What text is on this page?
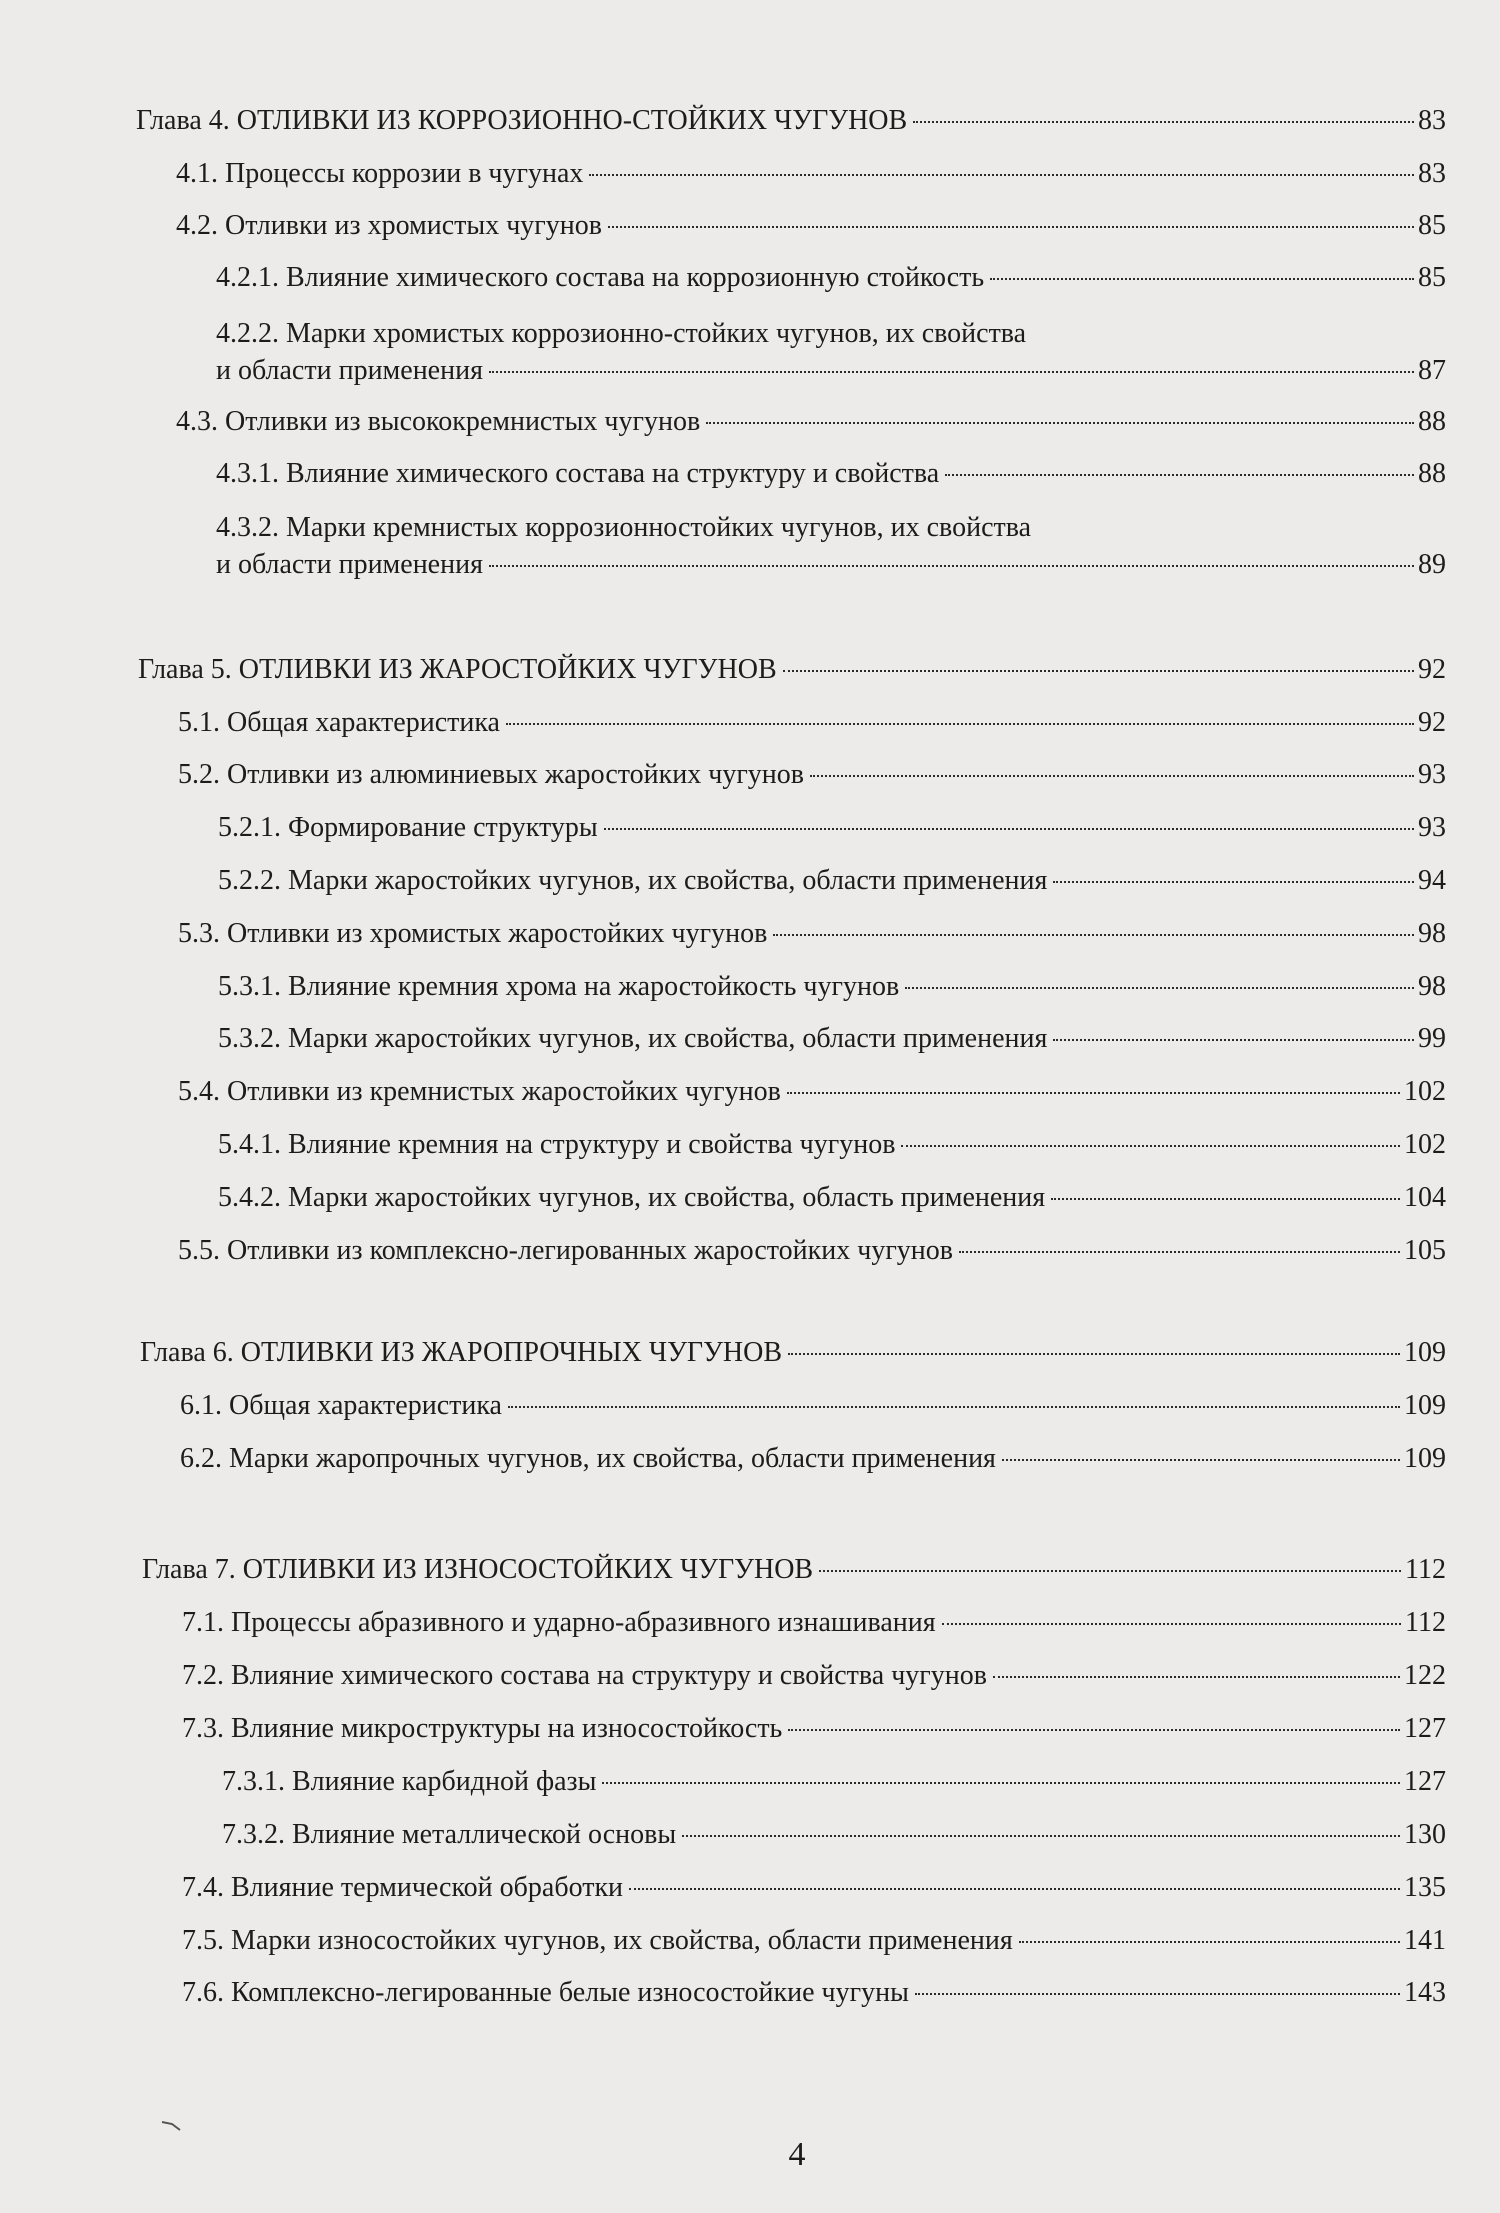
Глава 4. ОТЛИВКИ ИЗ КОРРОЗИОННО-СТОЙКИХ ЧУГУНОВ	83
4.1. Процессы коррозии в чугунах	83
4.2. Отливки из хромистых чугунов	85
4.2.1. Влияние химического состава на коррозионную стойкость	85
4.2.2. Марки хромистых коррозионно-стойких чугунов, их свойства
и области применения	87
4.3. Отливки из высококремнистых чугунов	88
4.3.1. Влияние химического состава на структуру и свойства	88
4.3.2. Марки кремнистых коррозионностойких чугунов, их свойства
и области применения	89
Глава 5. ОТЛИВКИ ИЗ ЖАРОСТОЙКИХ ЧУГУНОВ	92
5.1. Общая характеристика	92
5.2. Отливки из алюминиевых жаростойких чугунов	93
5.2.1. Формирование структуры	93
5.2.2. Марки жаростойких чугунов, их свойства, области применения	94
5.3. Отливки из хромистых жаростойких чугунов	98
5.3.1. Влияние кремния хрома на жаростойкость чугунов	98
5.3.2. Марки жаростойких чугунов, их свойства, области применения	99
5.4. Отливки из кремнистых жаростойких чугунов	102
5.4.1. Влияние кремния на структуру и свойства чугунов	102
5.4.2. Марки жаростойких чугунов, их свойства, область применения	104
5.5. Отливки из комплексно-легированных жаростойких чугунов	105
Глава 6. ОТЛИВКИ ИЗ ЖАРОПРОЧНЫХ ЧУГУНОВ	109
6.1. Общая характеристика	109
6.2. Марки жаропрочных чугунов, их свойства, области применения	109
Глава 7. ОТЛИВКИ ИЗ ИЗНОСОСТОЙКИХ ЧУГУНОВ	112
7.1. Процессы абразивного и ударно-абразивного изнашивания	112
7.2. Влияние химического состава на структуру и свойства чугунов	122
7.3. Влияние микроструктуры на износостойкость	127
7.3.1. Влияние карбидной фазы	127
7.3.2. Влияние металлической основы	130
7.4. Влияние термической обработки	135
7.5. Марки износостойких чугунов, их свойства, области применения	141
7.6. Комплексно-легированные белые износостойкие чугуны	143
4
